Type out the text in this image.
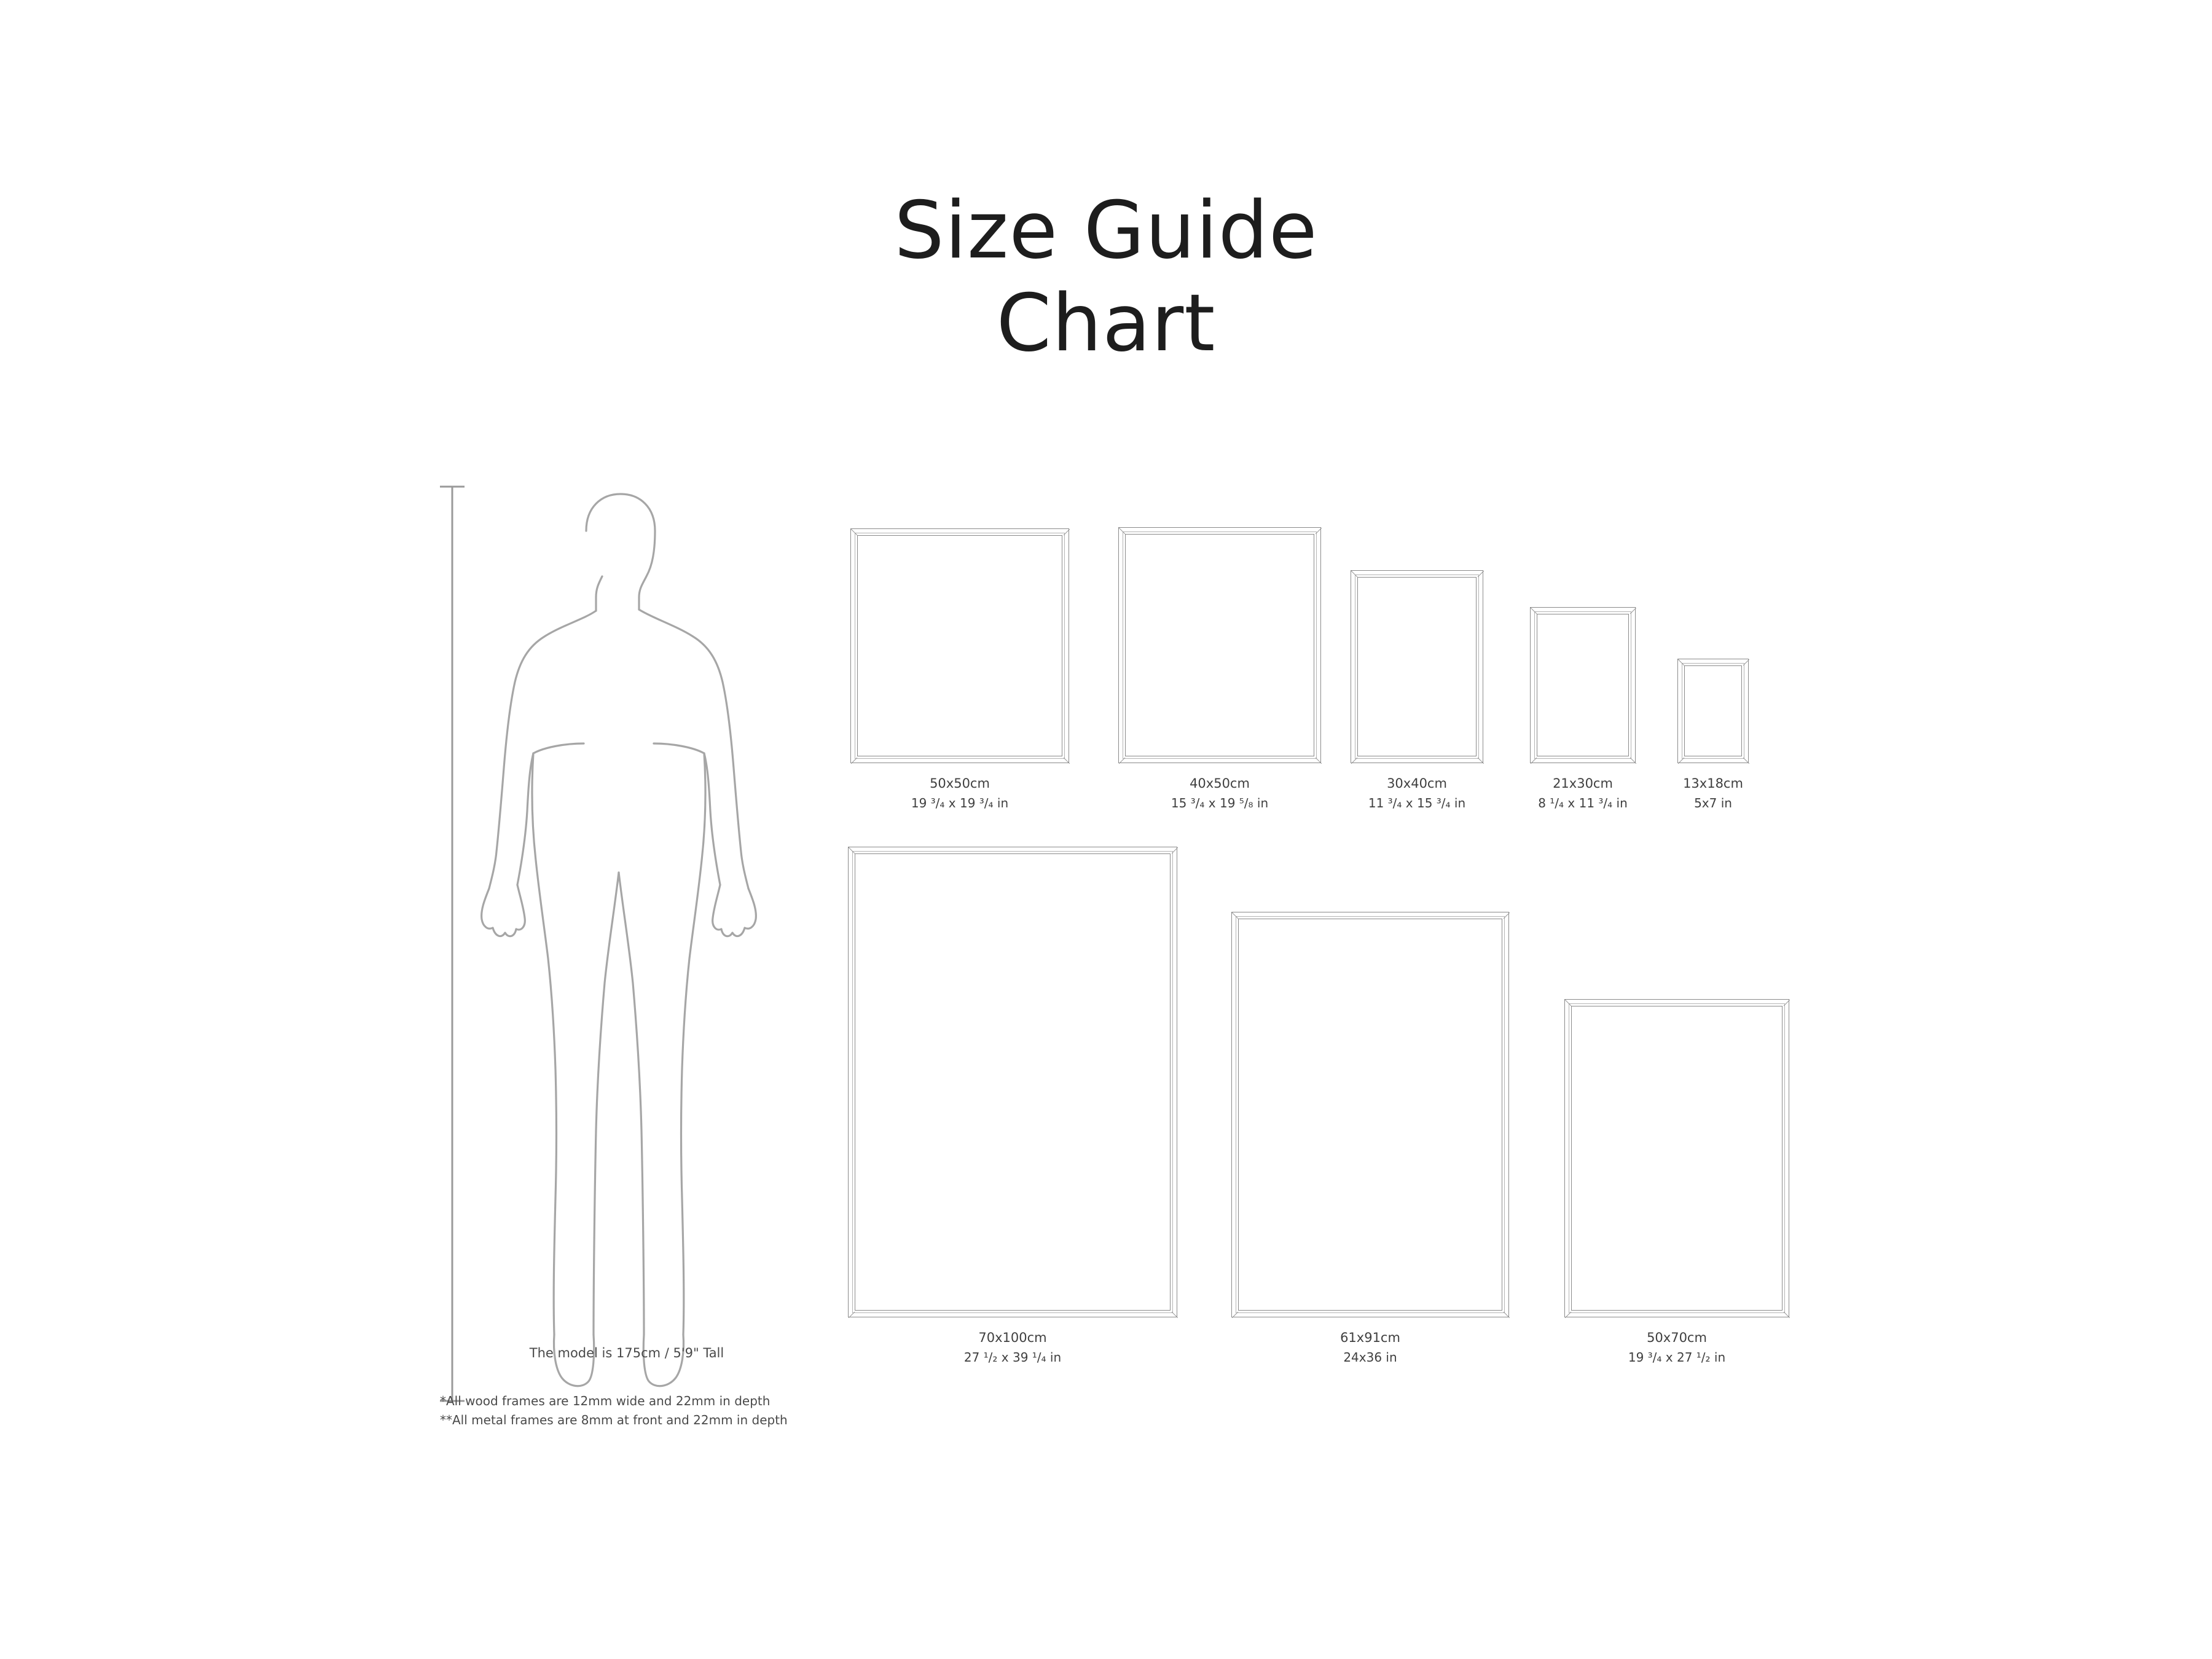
Size Guide
Chart
The model is 175cm / 5'9" Tall
*All wood frames are 12mm wide and 22mm in depth
**All metal frames are 8mm at front and 22mm in depth
50x50cm
19 ³/₄ x 19 ³/₄ in
40x50cm
15 ³/₄ x 19 ⁵/₈ in
30x40cm
11 ³/₄ x 15 ³/₄ in
21x30cm
8 ¹/₄ x 11 ³/₄ in
13x18cm
5x7 in
70x100cm
27 ¹/₂ x 39 ¹/₄ in
61x91cm
24x36 in
50x70cm
19 ³/₄ x 27 ¹/₂ in
